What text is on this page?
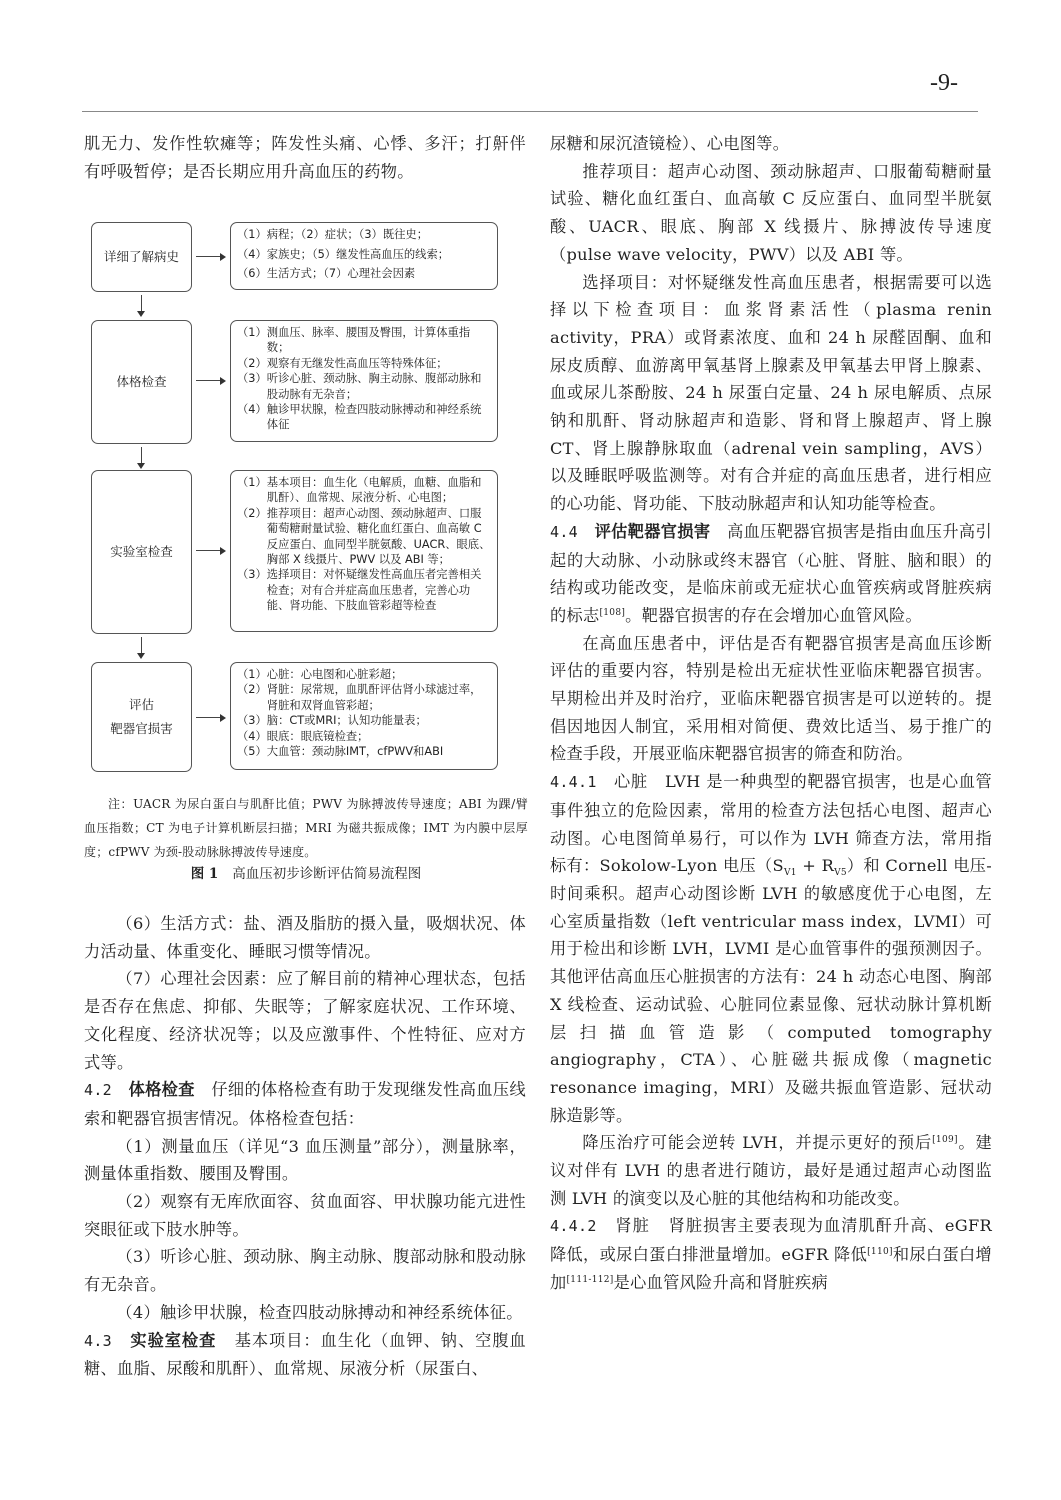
-9-

肌无力、发作性软瘫等；阵发性头痛、心悸、多汗；打鼾伴有呼吸暂停；是否长期应用升高血压的药物。

详细了解病史
（1）病程；（2）症状；（3）既往史；
（4）家族史；（5）继发性高血压的线索；
（6）生活方式；（7）心理社会因素
体格检查
（1） 测血压、脉率、腰围及臀围，计算体重指数；
（2） 观察有无继发性高血压等特殊体征；
（3） 听诊心脏、颈动脉、胸主动脉、腹部动脉和股动脉有无杂音；
（4） 触诊甲状腺，检查四肢动脉搏动和神经系统体征
实验室检查
（1） 基本项目：血生化（电解质，血糖、血脂和肌酐）、血常规、尿液分析、心电图；
（2） 推荐项目：超声心动图、颈动脉超声、口服葡萄糖耐量试验、糖化血红蛋白、血高敏 C 反应蛋白、血同型半胱氨酸、UACR、眼底、胸部 X 线摄片、PWV 以及 ABI 等；
（3） 选择项目：对怀疑继发性高血压者完善相关检查；对有合并症高血压患者，完善心功能、肾功能、下肢血管彩超等检查
评估
靶器官损害
（1） 心脏：心电图和心脏彩超；
（2） 肾脏：尿常规，血肌酐评估肾小球滤过率，肾脏和双肾血管彩超；
（3） 脑：CT或MRI；认知功能量表；
（4） 眼底：眼底镜检查；
（5） 大血管：颈动脉IMT，cfPWV和ABI
注：UACR 为尿白蛋白与肌酐比值；PWV 为脉搏波传导速度；ABI 为踝/臂血压指数；CT 为电子计算机断层扫描；MRI 为磁共振成像；IMT 为内膜中层厚度；cfPWV 为颈-股动脉脉搏波传导速度。
图 1 高血压初步诊断评估简易流程图

（6）生活方式：盐、酒及脂肪的摄入量，吸烟状况、体力活动量、体重变化、睡眠习惯等情况。

（7）心理社会因素：应了解目前的精神心理状态，包括是否存在焦虑、抑郁、失眠等；了解家庭状况、工作环境、文化程度、经济状况等；以及应激事件、个性特征、应对方式等。

4.2 体格检查 仔细的体格检查有助于发现继发性高血压线索和靶器官损害情况。体格检查包括：

（1）测量血压（详见“3 血压测量”部分），测量脉率，测量体重指数、腰围及臀围。

（2）观察有无库欣面容、贫血面容、甲状腺功能亢进性突眼征或下肢水肿等。

（3）听诊心脏、颈动脉、胸主动脉、腹部动脉和股动脉有无杂音。

（4）触诊甲状腺，检查四肢动脉搏动和神经系统体征。

4.3 实验室检查 基本项目：血生化（血钾、钠、空腹血糖、血脂、尿酸和肌酐）、血常规、尿液分析（尿蛋白、

尿糖和尿沉渣镜检）、心电图等。

推荐项目：超声心动图、颈动脉超声、口服葡萄糖耐量试验、糖化血红蛋白、血高敏 C 反应蛋白、血同型半胱氨酸、UACR、眼底、胸部 X 线摄片、脉搏波传导速度（pulse wave velocity，PWV）以及 ABI 等。

选择项目：对怀疑继发性高血压患者，根据需要可以选择以下检查项目：血浆肾素活性（plasma renin activity，PRA）或肾素浓度、血和 24 h 尿醛固酮、血和尿皮质醇、血游离甲氧基肾上腺素及甲氧基去甲肾上腺素、血或尿儿茶酚胺、24 h 尿蛋白定量、24 h 尿电解质、点尿钠和肌酐、肾动脉超声和造影、肾和肾上腺超声、肾上腺 CT、肾上腺静脉取血（adrenal vein sampling，AVS）以及睡眠呼吸监测等。对有合并症的高血压患者，进行相应的心功能、肾功能、下肢动脉超声和认知功能等检查。

4.4 评估靶器官损害 高血压靶器官损害是指由血压升高引起的大动脉、小动脉或终末器官（心脏、肾脏、脑和眼）的结构或功能改变，是临床前或无症状心血管疾病或肾脏疾病的标志[108]。靶器官损害的存在会增加心血管风险。

在高血压患者中，评估是否有靶器官损害是高血压诊断评估的重要内容，特别是检出无症状性亚临床靶器官损害。早期检出并及时治疗，亚临床靶器官损害是可以逆转的。提倡因地因人制宜，采用相对简便、费效比适当、易于推广的检查手段，开展亚临床靶器官损害的筛查和防治。

4.4.1 心脏 LVH 是一种典型的靶器官损害，也是心血管事件独立的危险因素，常用的检查方法包括心电图、超声心动图。心电图简单易行，可以作为 LVH 筛查方法，常用指标有：Sokolow-Lyon 电压$(S_{V1} + R_{V5})$和 Cornell 电压-时间乘积。超声心动图诊断 LVH 的敏感度优于心电图，左心室质量指数（left ventricular mass index，LVMI）可用于检出和诊断 LVH，LVMI 是心血管事件的强预测因子。其他评估高血压心脏损害的方法有：24 h 动态心电图、胸部 X 线检查、运动试验、心脏同位素显像、冠状动脉计算机断层扫描血管造影（computed tomography angiography，CTA）、心脏磁共振成像（magnetic resonance imaging，MRI）及磁共振血管造影、冠状动脉造影等。

降压治疗可能会逆转 LVH，并提示更好的预后[109]。建议对伴有 LVH 的患者进行随访，最好是通过超声心动图监测 LVH 的演变以及心脏的其他结构和功能改变。

4.4.2 肾脏 肾脏损害主要表现为血清肌酐升高、eGFR 降低，或尿白蛋白排泄量增加。eGFR 降低[110]和尿白蛋白增加[111-112]是心血管风险升高和肾脏疾病
